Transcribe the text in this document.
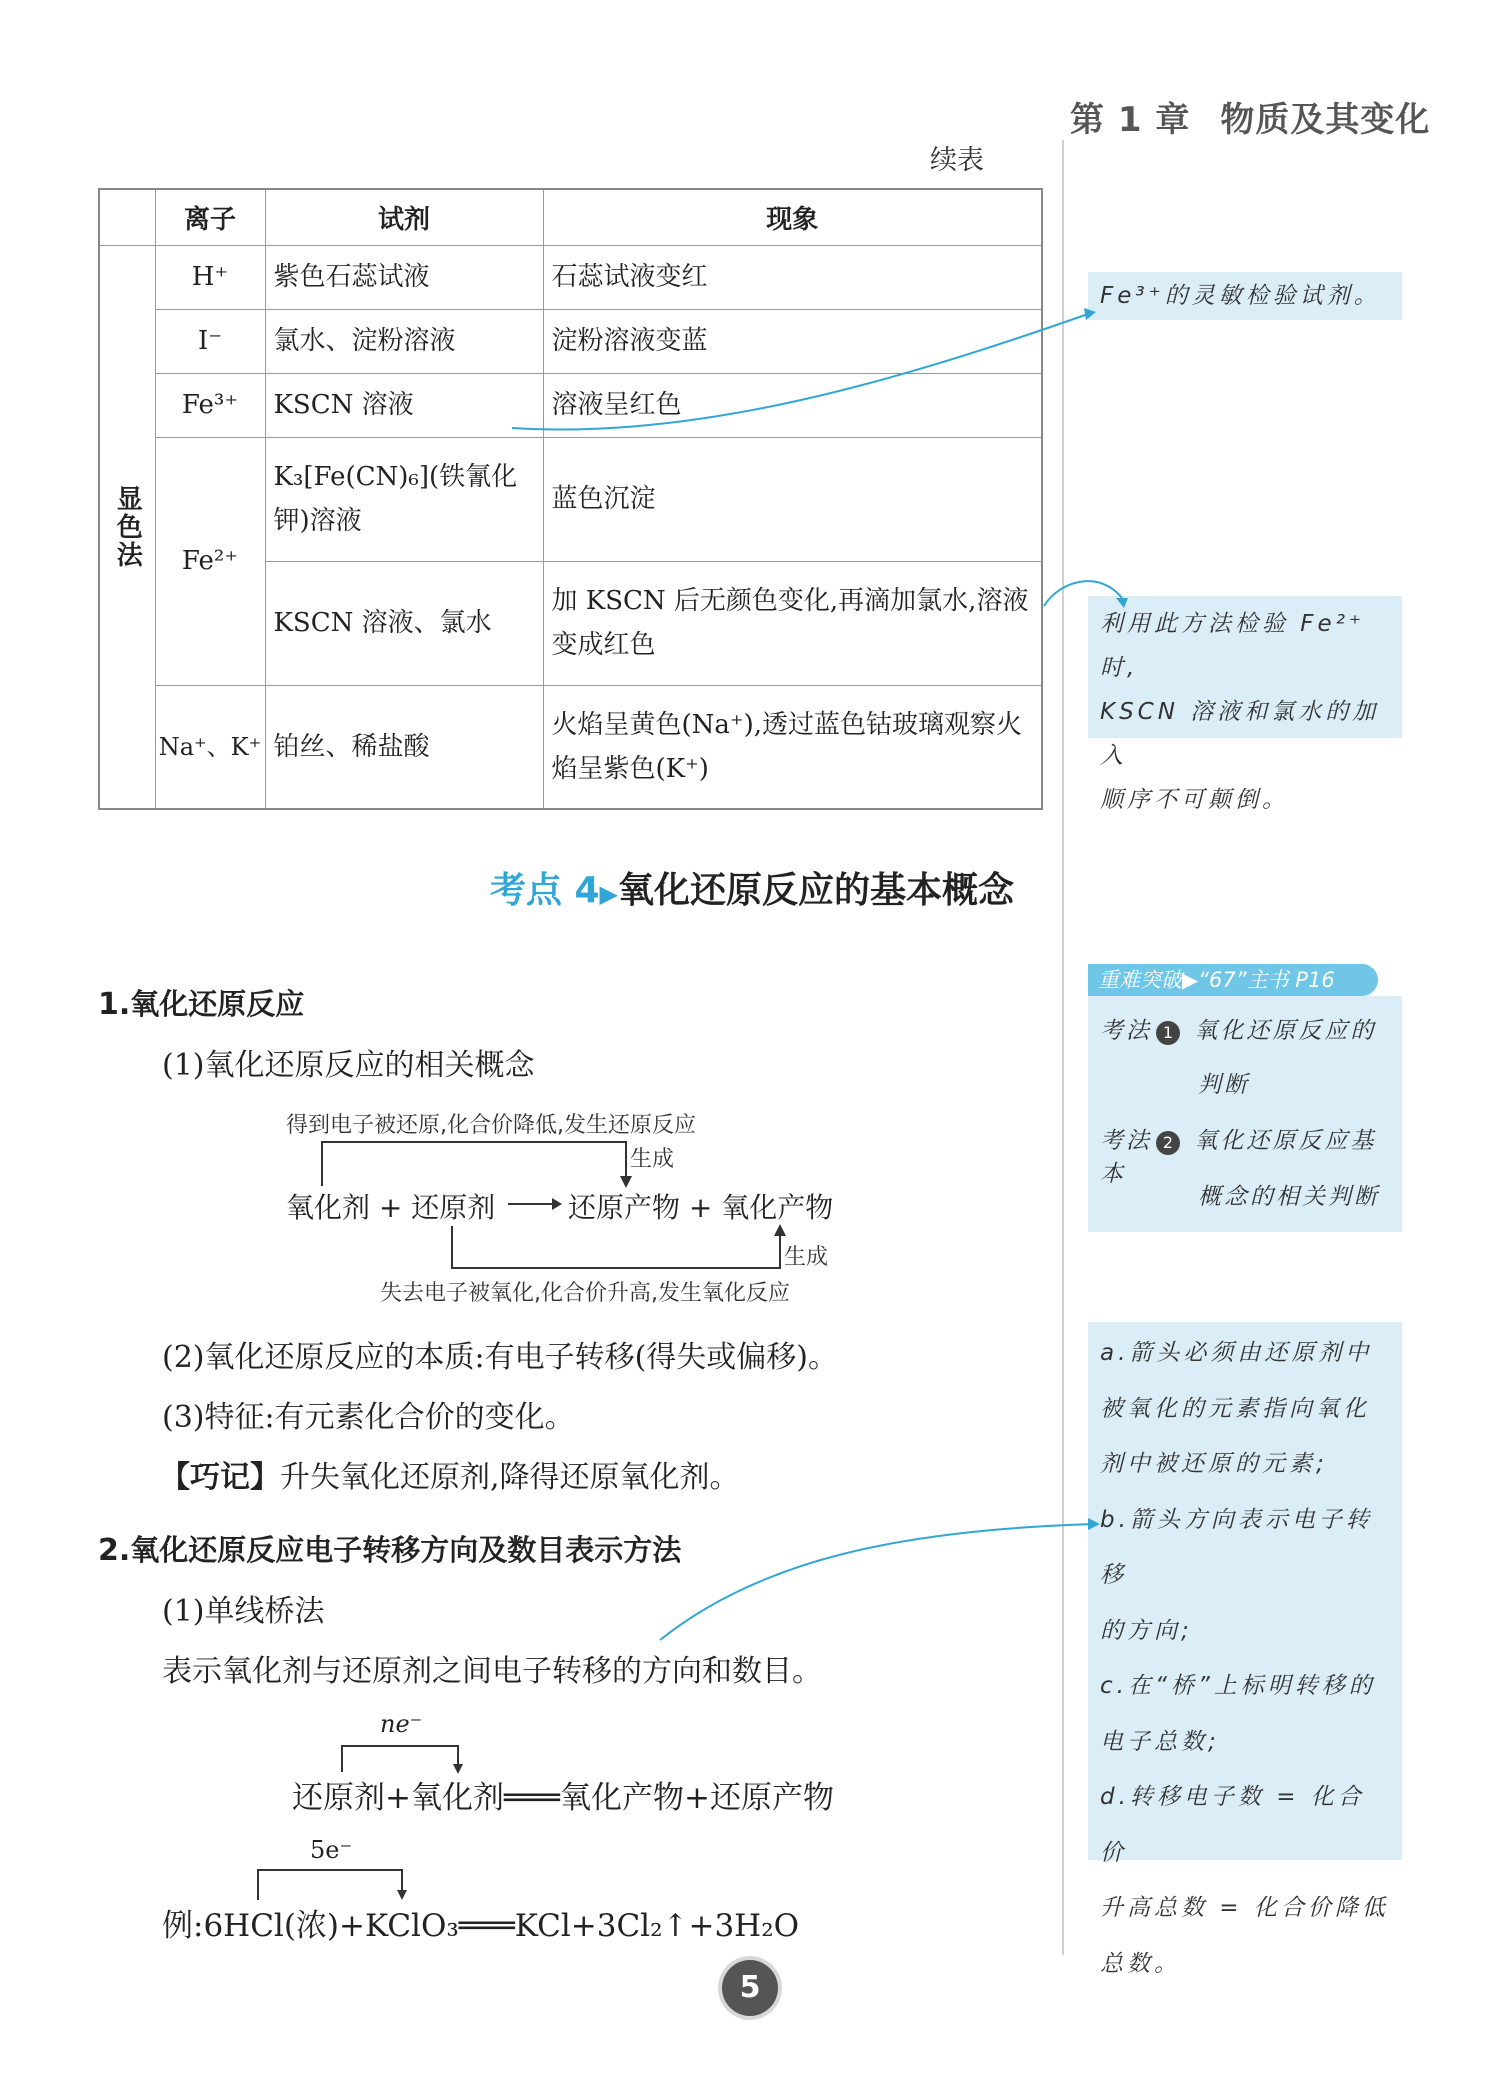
第 1 章 物质及其变化
续表
	离子	试剂	现象

显色法	H⁺	紫色石蕊试液	石蕊试液变红
	I⁻	氯水、淀粉溶液	淀粉溶液变蓝
	Fe³⁺	KSCN 溶液	溶液呈红色
	Fe²⁺	K₃[Fe(CN)₆](铁氰化钾)溶液	蓝色沉淀
		KSCN 溶液、氯水	加 KSCN 后无颜色变化,再滴加氯水,溶液变成红色
	Na⁺、K⁺	铂丝、稀盐酸	火焰呈黄色(Na⁺),透过蓝色钴玻璃观察火焰呈紫色(K⁺)
Fe³⁺的灵敏检验试剂。
利用此方法检验 Fe²⁺时,
KSCN 溶液和氯水的加入
顺序不可颠倒。
考点 4▶氧化还原反应的基本概念
重难突破▶“67”主书 P16
考法 1 氧化还原反应的
判断
考法 2 氧化还原反应基本
概念的相关判断
a.箭头必须由还原剂中
被氧化的元素指向氧化
剂中被还原的元素;
b.箭头方向表示电子转移
的方向;
c.在“桥”上标明转移的
电子总数;
d.转移电子数 = 化合价
升高总数 = 化合价降低
总数。
1.氧化还原反应
(1)氧化还原反应的相关概念
得到电子被还原,化合价降低,发生还原反应
生成
氧化剂 + 还原剂	还原产物 + 氧化产物
生成
失去电子被氧化,化合价升高,发生氧化反应
(2)氧化还原反应的本质:有电子转移(得失或偏移)。
(3)特征:有元素化合价的变化。
【巧记】升失氧化还原剂,降得还原氧化剂。
2.氧化还原反应电子转移方向及数目表示方法
(1)单线桥法
表示氧化剂与还原剂之间电子转移的方向和数目。
ne⁻
还原剂+氧化剂═══氧化产物+还原产物
5e⁻
例:6HCl(浓)+KClO₃═══KCl+3Cl₂↑+3H₂O
5
